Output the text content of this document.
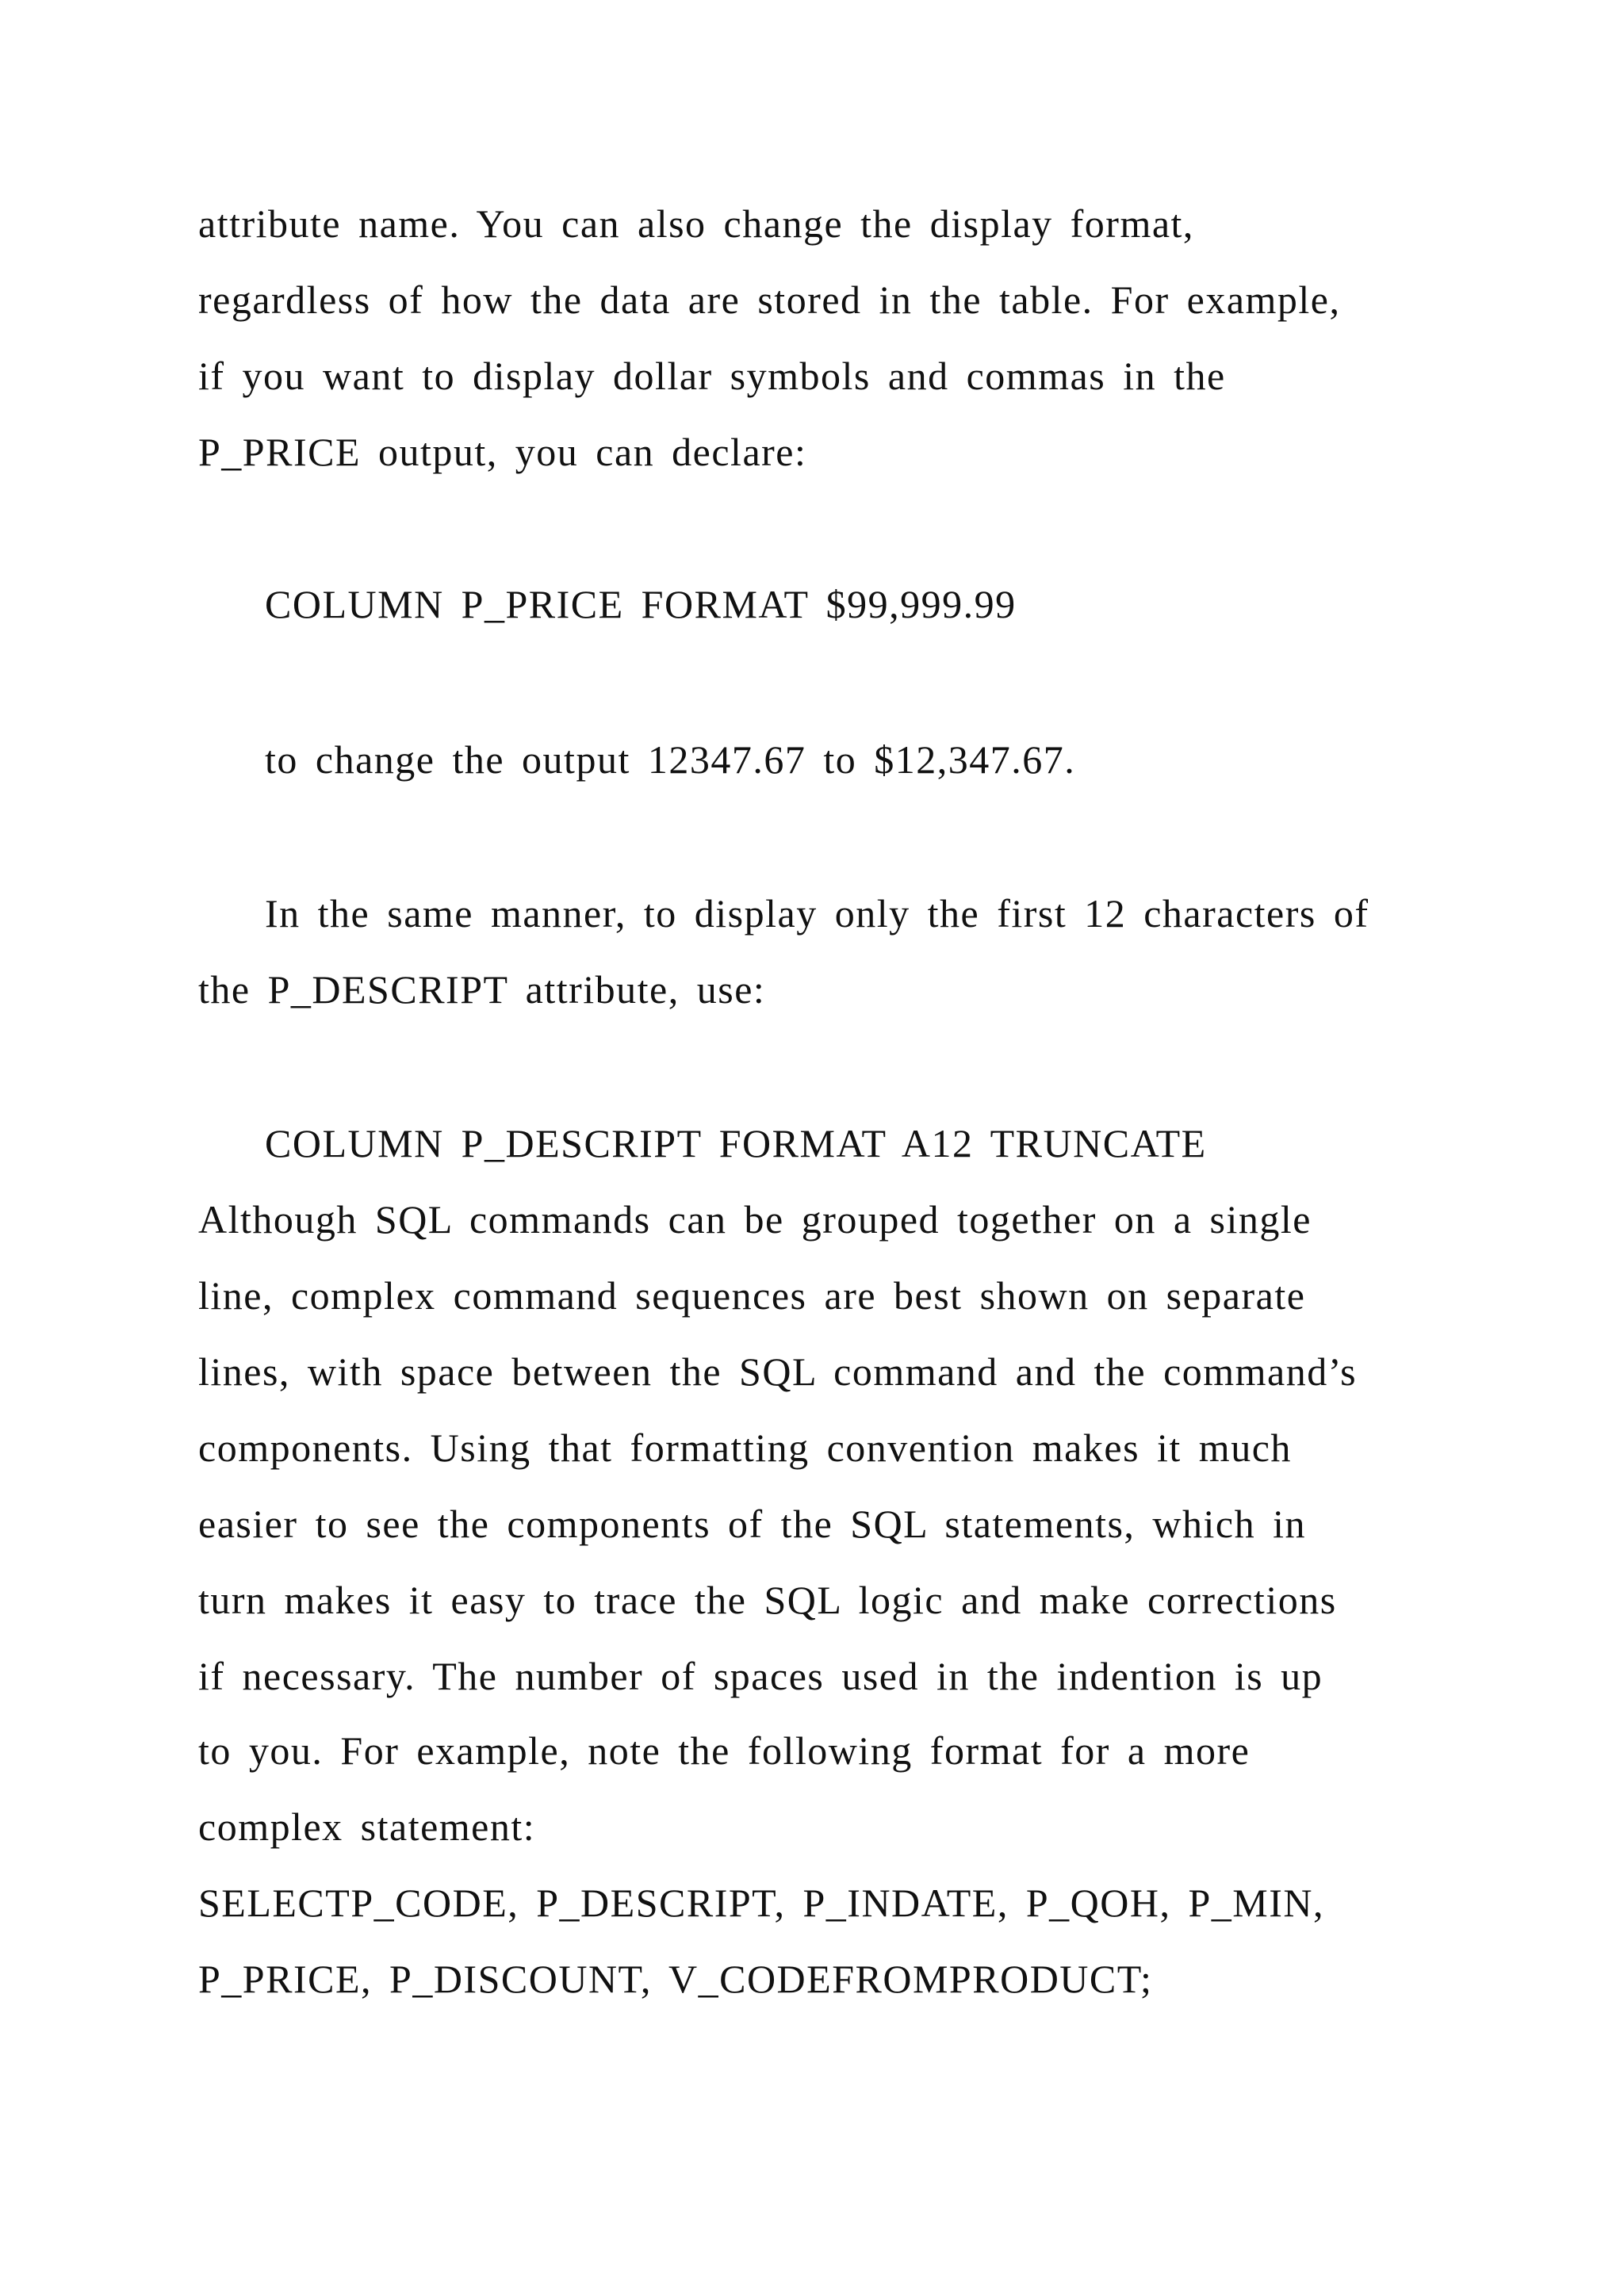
attribute name. You can also change the display format,

regardless of how the data are stored in the table. For example,

if you want to display dollar symbols and commas in the

P_PRICE output, you can declare:

COLUMN P_PRICE FORMAT $99,999.99

to change the output 12347.67 to $12,347.67.

In the same manner, to display only the first 12 characters of

the P_DESCRIPT attribute, use:

COLUMN P_DESCRIPT FORMAT A12 TRUNCATE

Although SQL commands can be grouped together on a single

line, complex command sequences are best shown on separate

lines, with space between the SQL command and the command’s

components. Using that formatting convention makes it much

easier to see the components of the SQL statements, which in

turn makes it easy to trace the SQL logic and make corrections

if necessary. The number of spaces used in the indention is up

to you. For example, note the following format for a more

complex statement:

SELECTP_CODE, P_DESCRIPT, P_INDATE, P_QOH, P_MIN,

P_PRICE, P_DISCOUNT, V_CODEFROMPRODUCT;
